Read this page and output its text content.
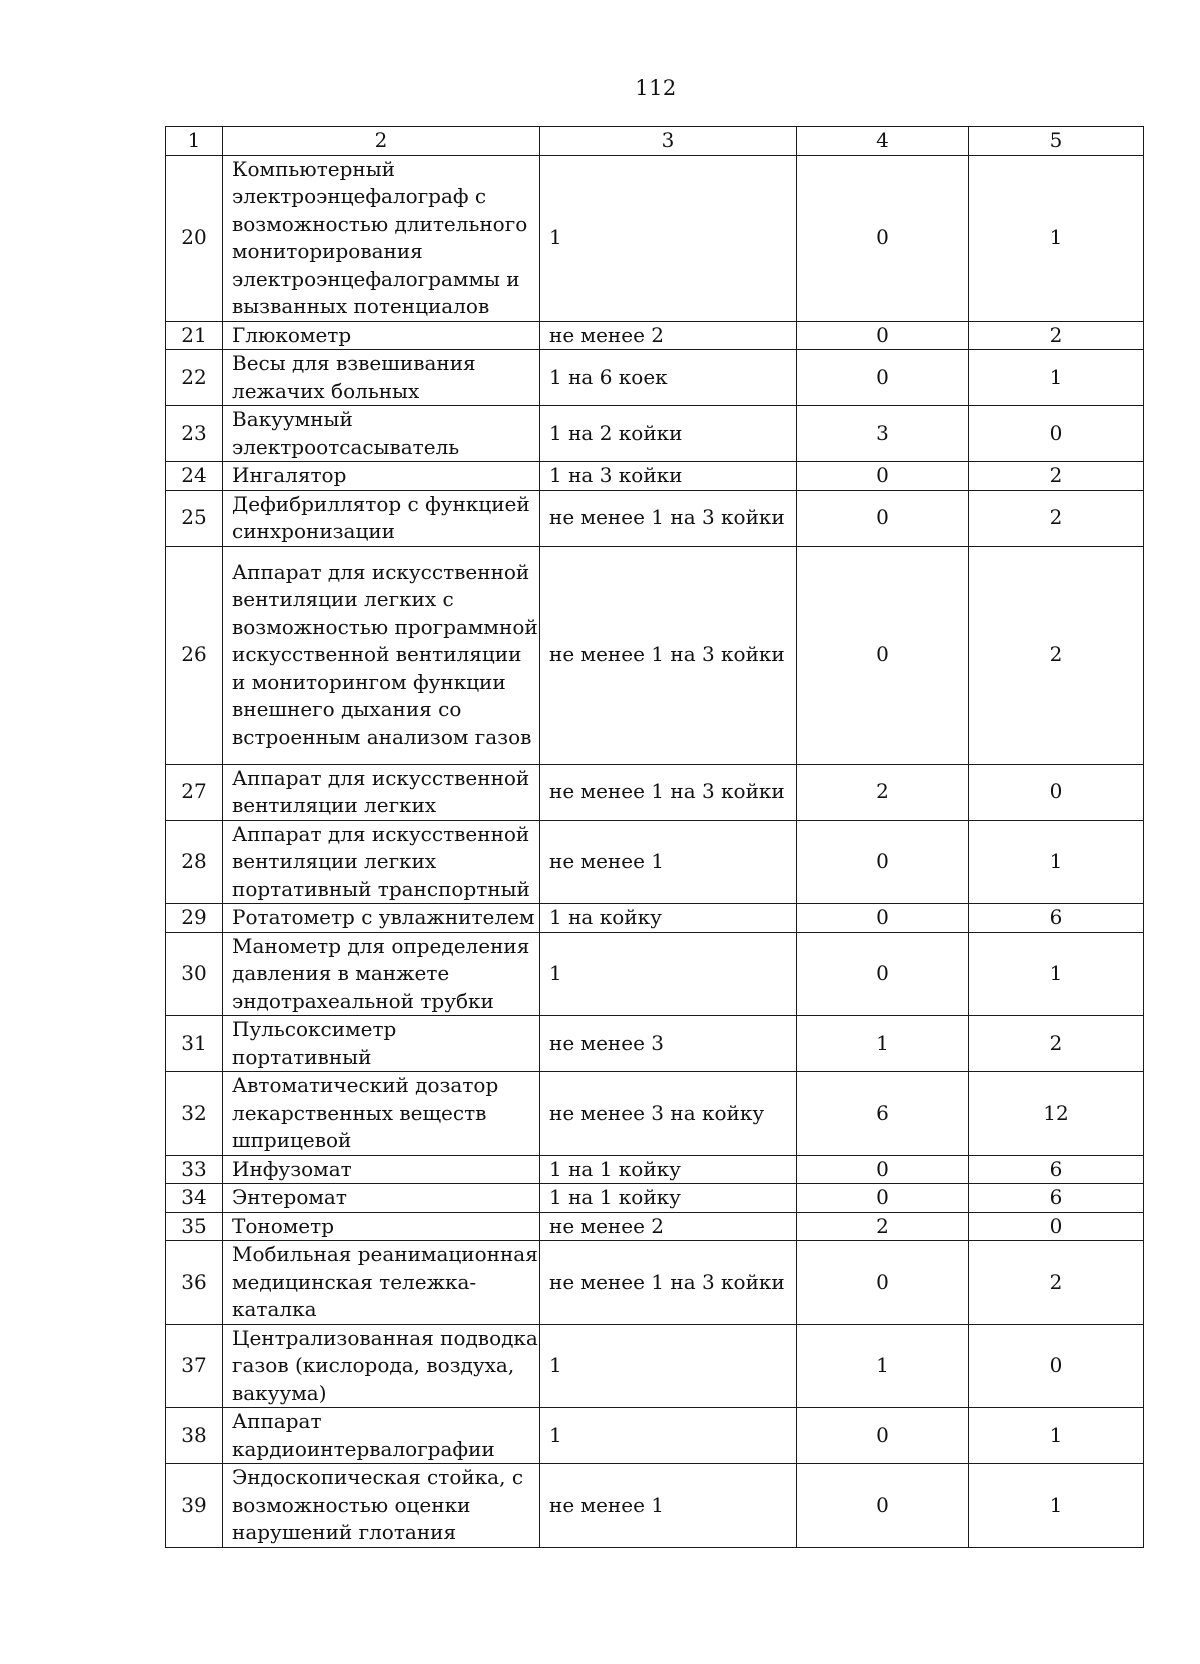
112
1	2	3	4	5
20	Компьютерный электроэнцефалограф с возможностью длительного мониторирования электроэнцефалограммы и вызванных потенциалов	1	0	1
21	Глюкометр	не менее 2	0	2
22	Весы для взвешивания лежачих больных	1 на 6 коек	0	1
23	Вакуумный электроотсасыватель	1 на 2 койки	3	0
24	Ингалятор	1 на 3 койки	0	2
25	Дефибриллятор с функцией синхронизации	не менее 1 на 3 койки	0	2
26	Аппарат для искусственной вентиляции легких с возможностью программной искусственной вентиляции и мониторингом функции внешнего дыхания со встроенным анализом газов	не менее 1 на 3 койки	0	2
27	Аппарат для искусственной вентиляции легких	не менее 1 на 3 койки	2	0
28	Аппарат для искусственной вентиляции легких портативный транспортный	не менее 1	0	1
29	Ротатометр с увлажнителем	1 на койку	0	6
30	Манометр для определения давления в манжете эндотрахеальной трубки	1	0	1
31	Пульсоксиметр портативный	не менее 3	1	2
32	Автоматический дозатор лекарственных веществ шприцевой	не менее 3 на койку	6	12
33	Инфузомат	1 на 1 койку	0	6
34	Энтеромат	1 на 1 койку	0	6
35	Тонометр	не менее 2	2	0
36	Мобильная реанимационная медицинская тележка-каталка	не менее 1 на 3 койки	0	2
37	Централизованная подводка газов (кислорода, воздуха, вакуума)	1	1	0
38	Аппарат кардиоинтервалографии	1	0	1
39	Эндоскопическая стойка, с возможностью оценки нарушений глотания	не менее 1	0	1
